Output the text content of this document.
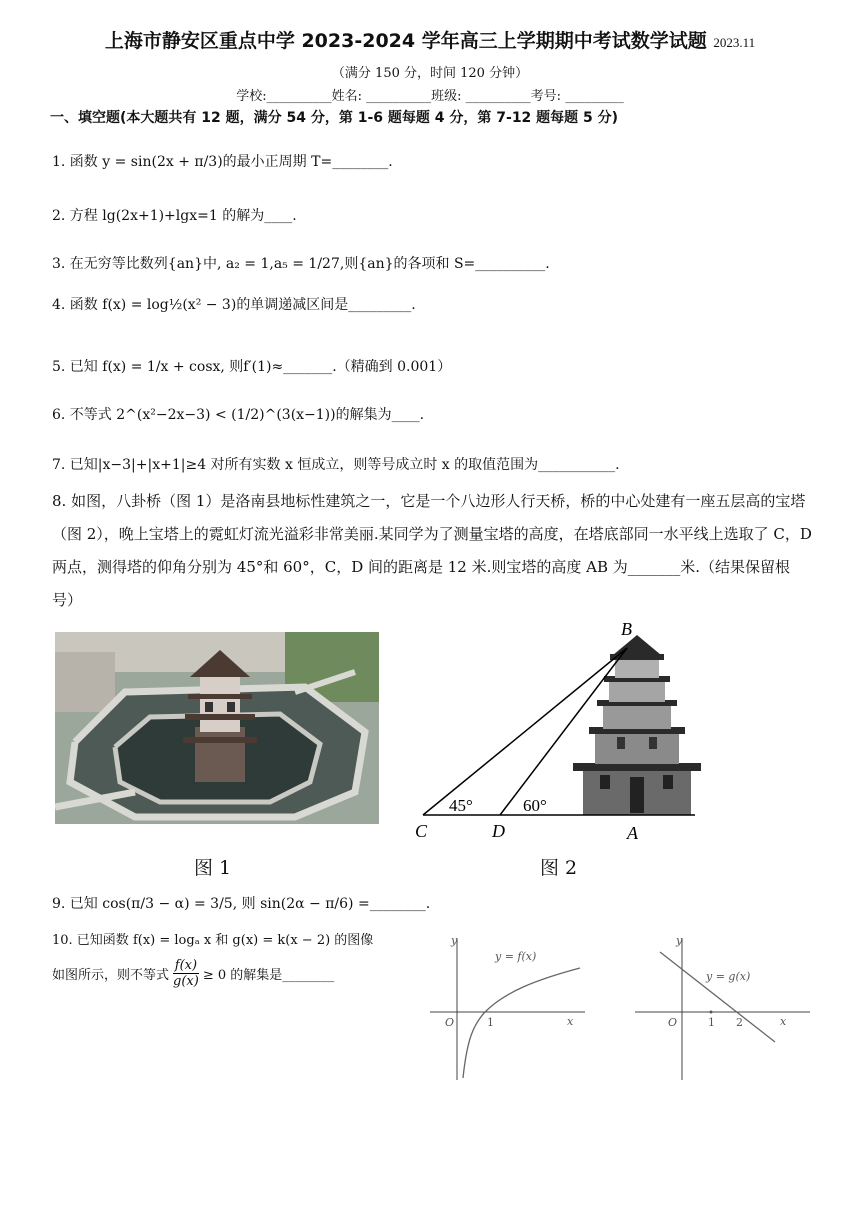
上海市静安区重点中学 2023-2024 学年高三上学期期中考试数学试题 2023.11
（满分 150 分，时间 120 分钟）
学校:__________姓名: __________班级: __________考号: _________
一、填空题(本大题共有 12 题，满分 54 分，第 1-6 题每题 4 分，第 7-12 题每题 5 分)
1. 函数 y = sin(2x + π/3)的最小正周期 T=________.
2. 方程 lg(2x+1)+lgx=1 的解为____.
3. 在无穷等比数列{an}中, a₂ = 1,a₅ = 1/27,则{an}的各项和 S=__________.
4. 函数 f(x) = log½(x² − 3)的单调递减区间是_________.
5. 已知 f(x) = 1/x + cosx, 则f′(1)≈_______.（精确到 0.001）
6. 不等式 2^(x²−2x−3) < (1/2)^(3(x−1))的解集为____.
7. 已知|x−3|+|x+1|≥4 对所有实数 x 恒成立，则等号成立时 x 的取值范围为___________.
8. 如图，八卦桥（图 1）是洛南县地标性建筑之一，它是一个八边形人行天桥，桥的中心处建有一座五层高的宝塔（图 2），晚上宝塔上的霓虹灯流光溢彩非常美丽.某同学为了测量宝塔的高度，在塔底部同一水平线上选取了 C，D 两点，测得塔的仰角分别为 45°和 60°，C，D 间的距离是 12 米.则宝塔的高度 AB 为_______米.（结果保留根号）
图 1
B
C	D	A
45°	60°
图 2
9. 已知 cos(π/3 − α) = 3/5, 则 sin(2α − π/6) =________.
10. 已知函数 f(x) = logₐ x 和 g(x) = k(x − 2) 的图像
如图所示，则不等式 $\frac{f(x)}{g(x)} \ge 0$ 的解集是________
y
x
O	1
y = f(x)
y
x
O	1 2
y = g(x)
